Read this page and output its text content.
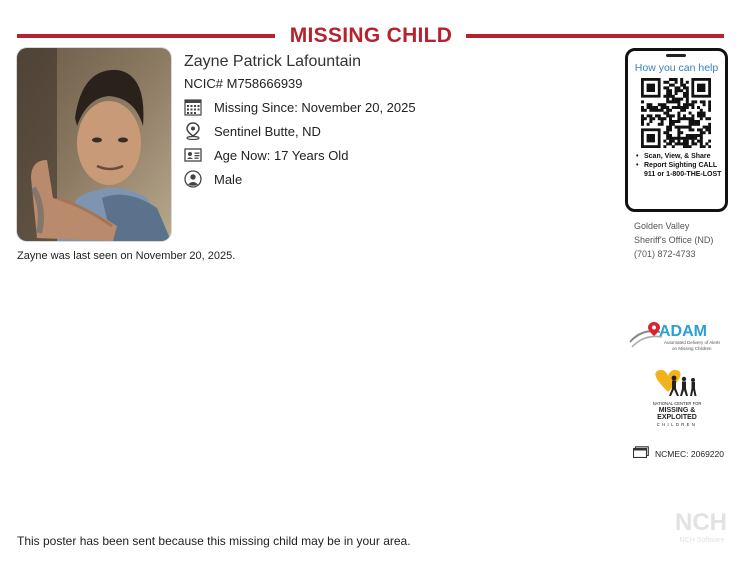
MISSING CHILD
Zayne Patrick Lafountain
NCIC# M758666939
Missing Since: November 20, 2025
Sentinel Butte, ND
Age Now: 17 Years Old
Male
Zayne was last seen on November 20, 2025.
How you can help
• Scan, View, & Share
• Report Sighting CALL 911 or 1-800-THE-LOST
Golden Valley
Sheriff's Office (ND)
(701) 872-4733
ADAM
Automated Delivery of Alerts
on Missing Children
NATIONAL CENTER FOR
MISSING &
EXPLOITED
CHILDREN
NCMEC: 2069220
This poster has been sent because this missing child may be in your area.
NCH
NCH Software
